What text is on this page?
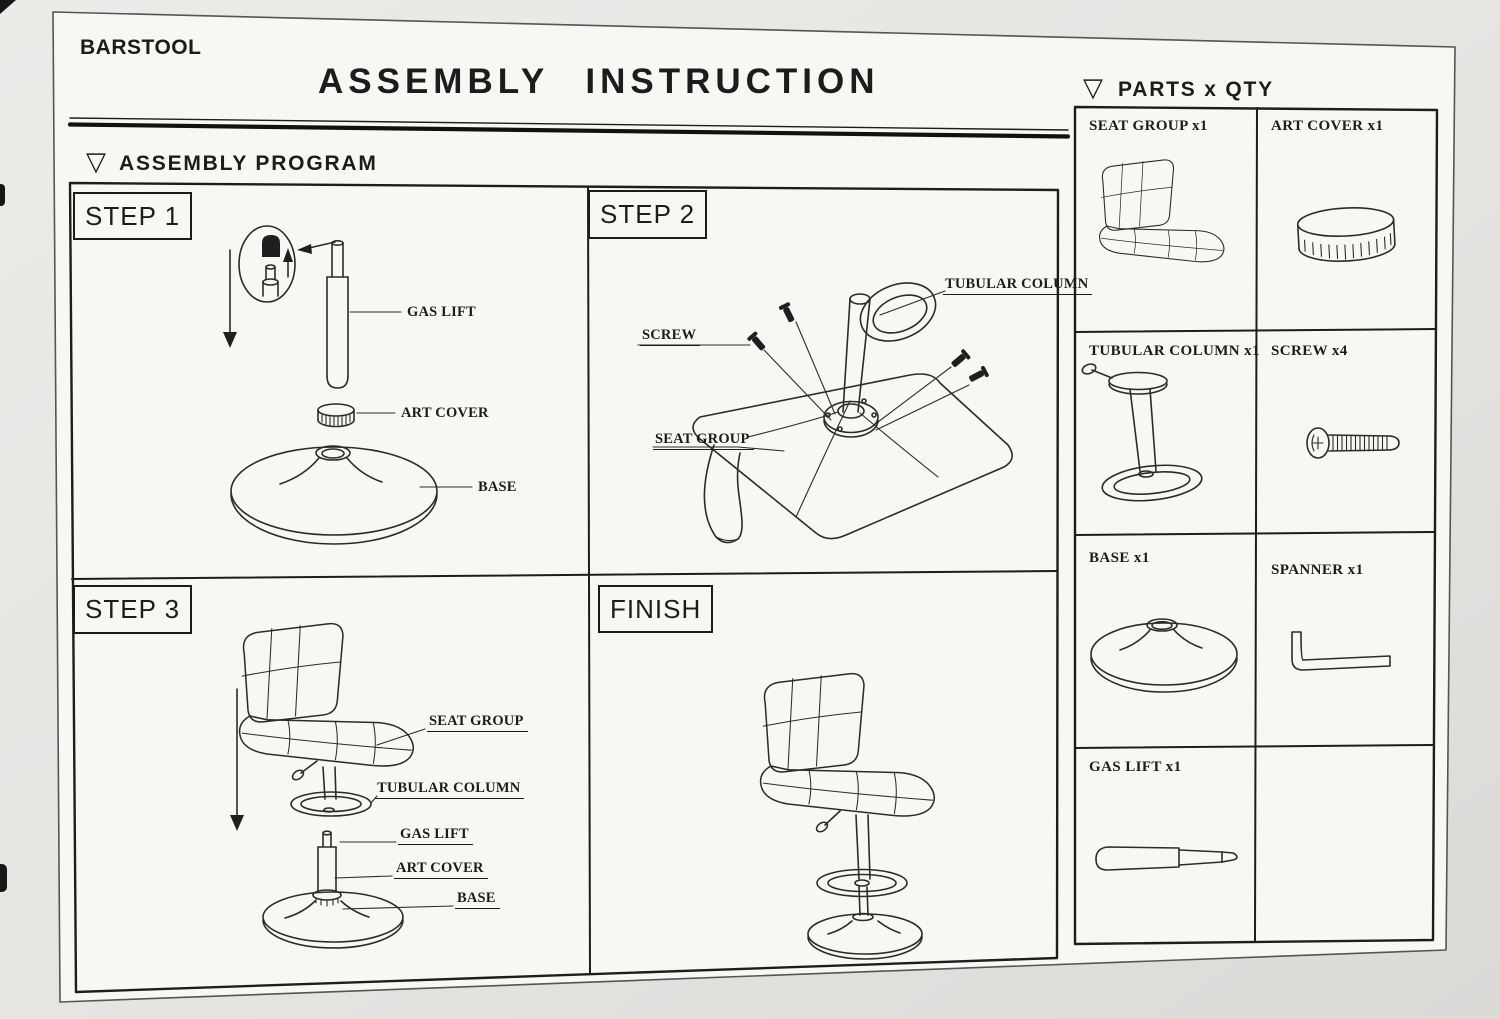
BARSTOOL
ASSEMBLY INSTRUCTION
▽ ASSEMBLY PROGRAM
▽ PARTS x QTY
STEP 1
GAS LIFT
ART COVER
BASE
STEP 2
TUBULAR COLUMN
SCREW
SEAT GROUP
STEP 3
SEAT GROUP
TUBULAR COLUMN
GAS LIFT
ART COVER
BASE
FINISH
SEAT GROUP x1	ART COVER x1
TUBULAR COLUMN x1 SCREW x4
BASE x1
SPANNER x1
GAS LIFT x1
